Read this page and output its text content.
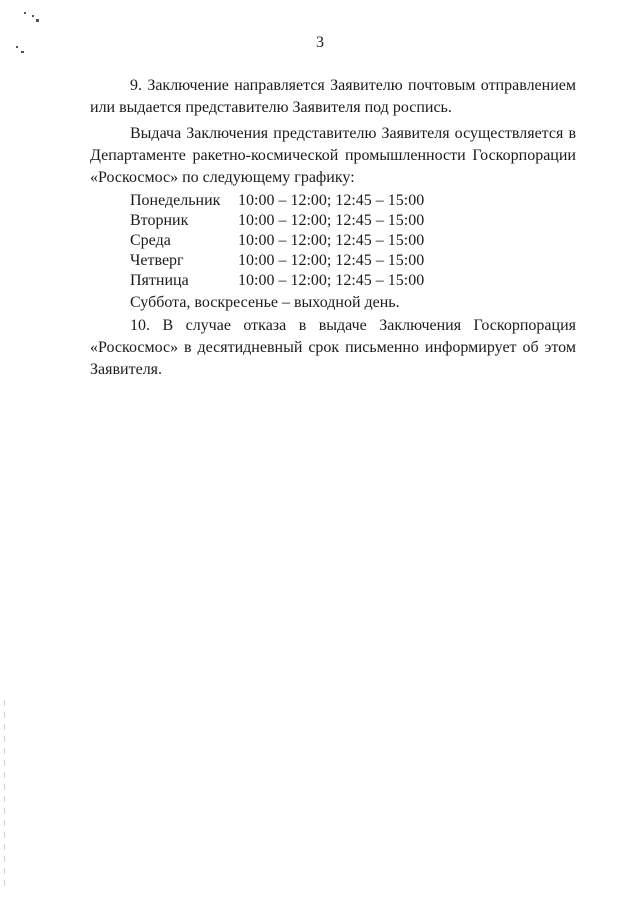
3

9. Заключение направляется Заявителю почтовым отправлением
или выдается представителю Заявителя под роспись.

Выдача Заключения представителю Заявителя осуществляется в
Департаменте ракетно-космической промышленности Госкорпорации
«Роскосмос» по следующему графику:

Понедельник	10:00 – 12:00; 12:45 – 15:00
Вторник	10:00 – 12:00; 12:45 – 15:00
Среда	10:00 – 12:00; 12:45 – 15:00
Четверг	10:00 – 12:00; 12:45 – 15:00
Пятница	10:00 – 12:00; 12:45 – 15:00
Суббота, воскресенье – выходной день.

10. В случае отказа в выдаче Заключения Госкорпорация
«Роскосмос» в десятидневный срок письменно информирует об этом
Заявителя.
